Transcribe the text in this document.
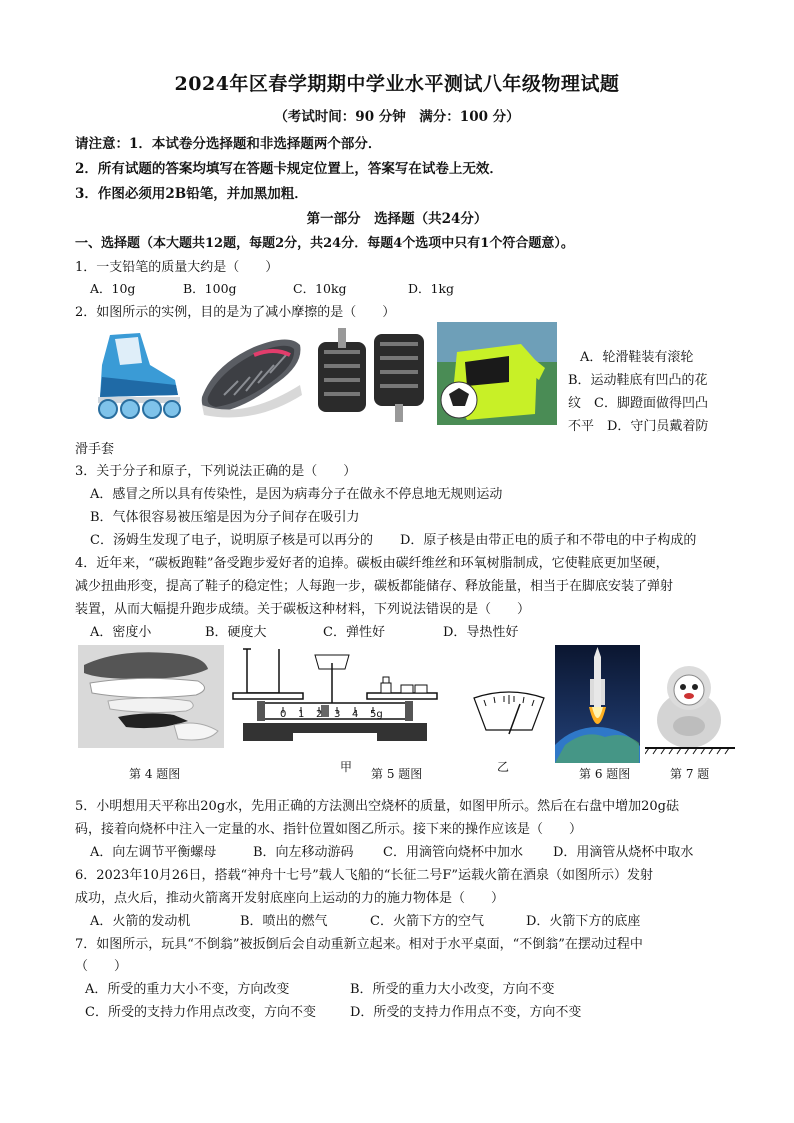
2024年区春学期期中学业水平测试八年级物理试题
（考试时间：90 分钟　满分：100 分）
请注意：1．本试卷分选择题和非选择题两个部分．
2．所有试题的答案均填写在答题卡规定位置上，答案写在试卷上无效．
3．作图必须用2B铅笔，并加黑加粗．
第一部分　选择题（共24分）
一、选择题（本大题共12题，每题2分，共24分．每题4个选项中只有1个符合题意）。
1．一支铅笔的质量大约是（　　）
A．10g	B．100g	C．10kg	D．1kg
2．如图所示的实例，目的是为了减小摩擦的是（　　）
A．轮滑鞋装有滚轮
B．运动鞋底有凹凸的花
纹　C．脚蹬面做得凹凸
不平　D．守门员戴着防
滑手套
3．关于分子和原子，下列说法正确的是（　　）
A．感冒之所以具有传染性，是因为病毒分子在做永不停息地无规则运动
B．气体很容易被压缩是因为分子间存在吸引力
C．汤姆生发现了电子，说明原子核是可以再分的 D．原子核是由带正电的质子和不带电的中子构成的
4．近年来，“碳板跑鞋”备受跑步爱好者的追捧。碳板由碳纤维丝和环氧树脂制成，它使鞋底更加坚硬，
减少扭曲形变，提高了鞋子的稳定性；人每跑一步，碳板都能储存、释放能量，相当于在脚底安装了弹射
装置，从而大幅提升跑步成绩。关于碳板这种材料，下列说法错误的是（　　）
A．密度小	B．硬度大	C．弹性好	D．导热性好
0 1 2 3 4 5g
甲	乙
第 4 题图	第 5 题图	第 6 题图	第 7 题
5．小明想用天平称出20g水，先用正确的方法测出空烧杯的质量，如图甲所示。然后在右盘中增加20g砝
码，接着向烧杯中注入一定量的水、指针位置如图乙所示。接下来的操作应该是（　　）
A．向左调节平衡螺母	B．向左移动游码 C．用滴管向烧杯中加水 D．用滴管从烧杯中取水
6．2023年10月26日，搭载“神舟十七号”载人飞船的“长征二号F”运载火箭在酒泉（如图所示）发射
成功，点火后，推动火箭离开发射底座向上运动的力的施力物体是（　　）
A．火箭的发动机	B．喷出的燃气	C．火箭下方的空气	D．火箭下方的底座
7．如图所示，玩具“不倒翁”被扳倒后会自动重新立起来。相对于水平桌面，“不倒翁”在摆动过程中
（　　）
A．所受的重力大小不变，方向改变	B．所受的重力大小改变，方向不变
C．所受的支持力作用点改变，方向不变	D．所受的支持力作用点不变，方向不变
